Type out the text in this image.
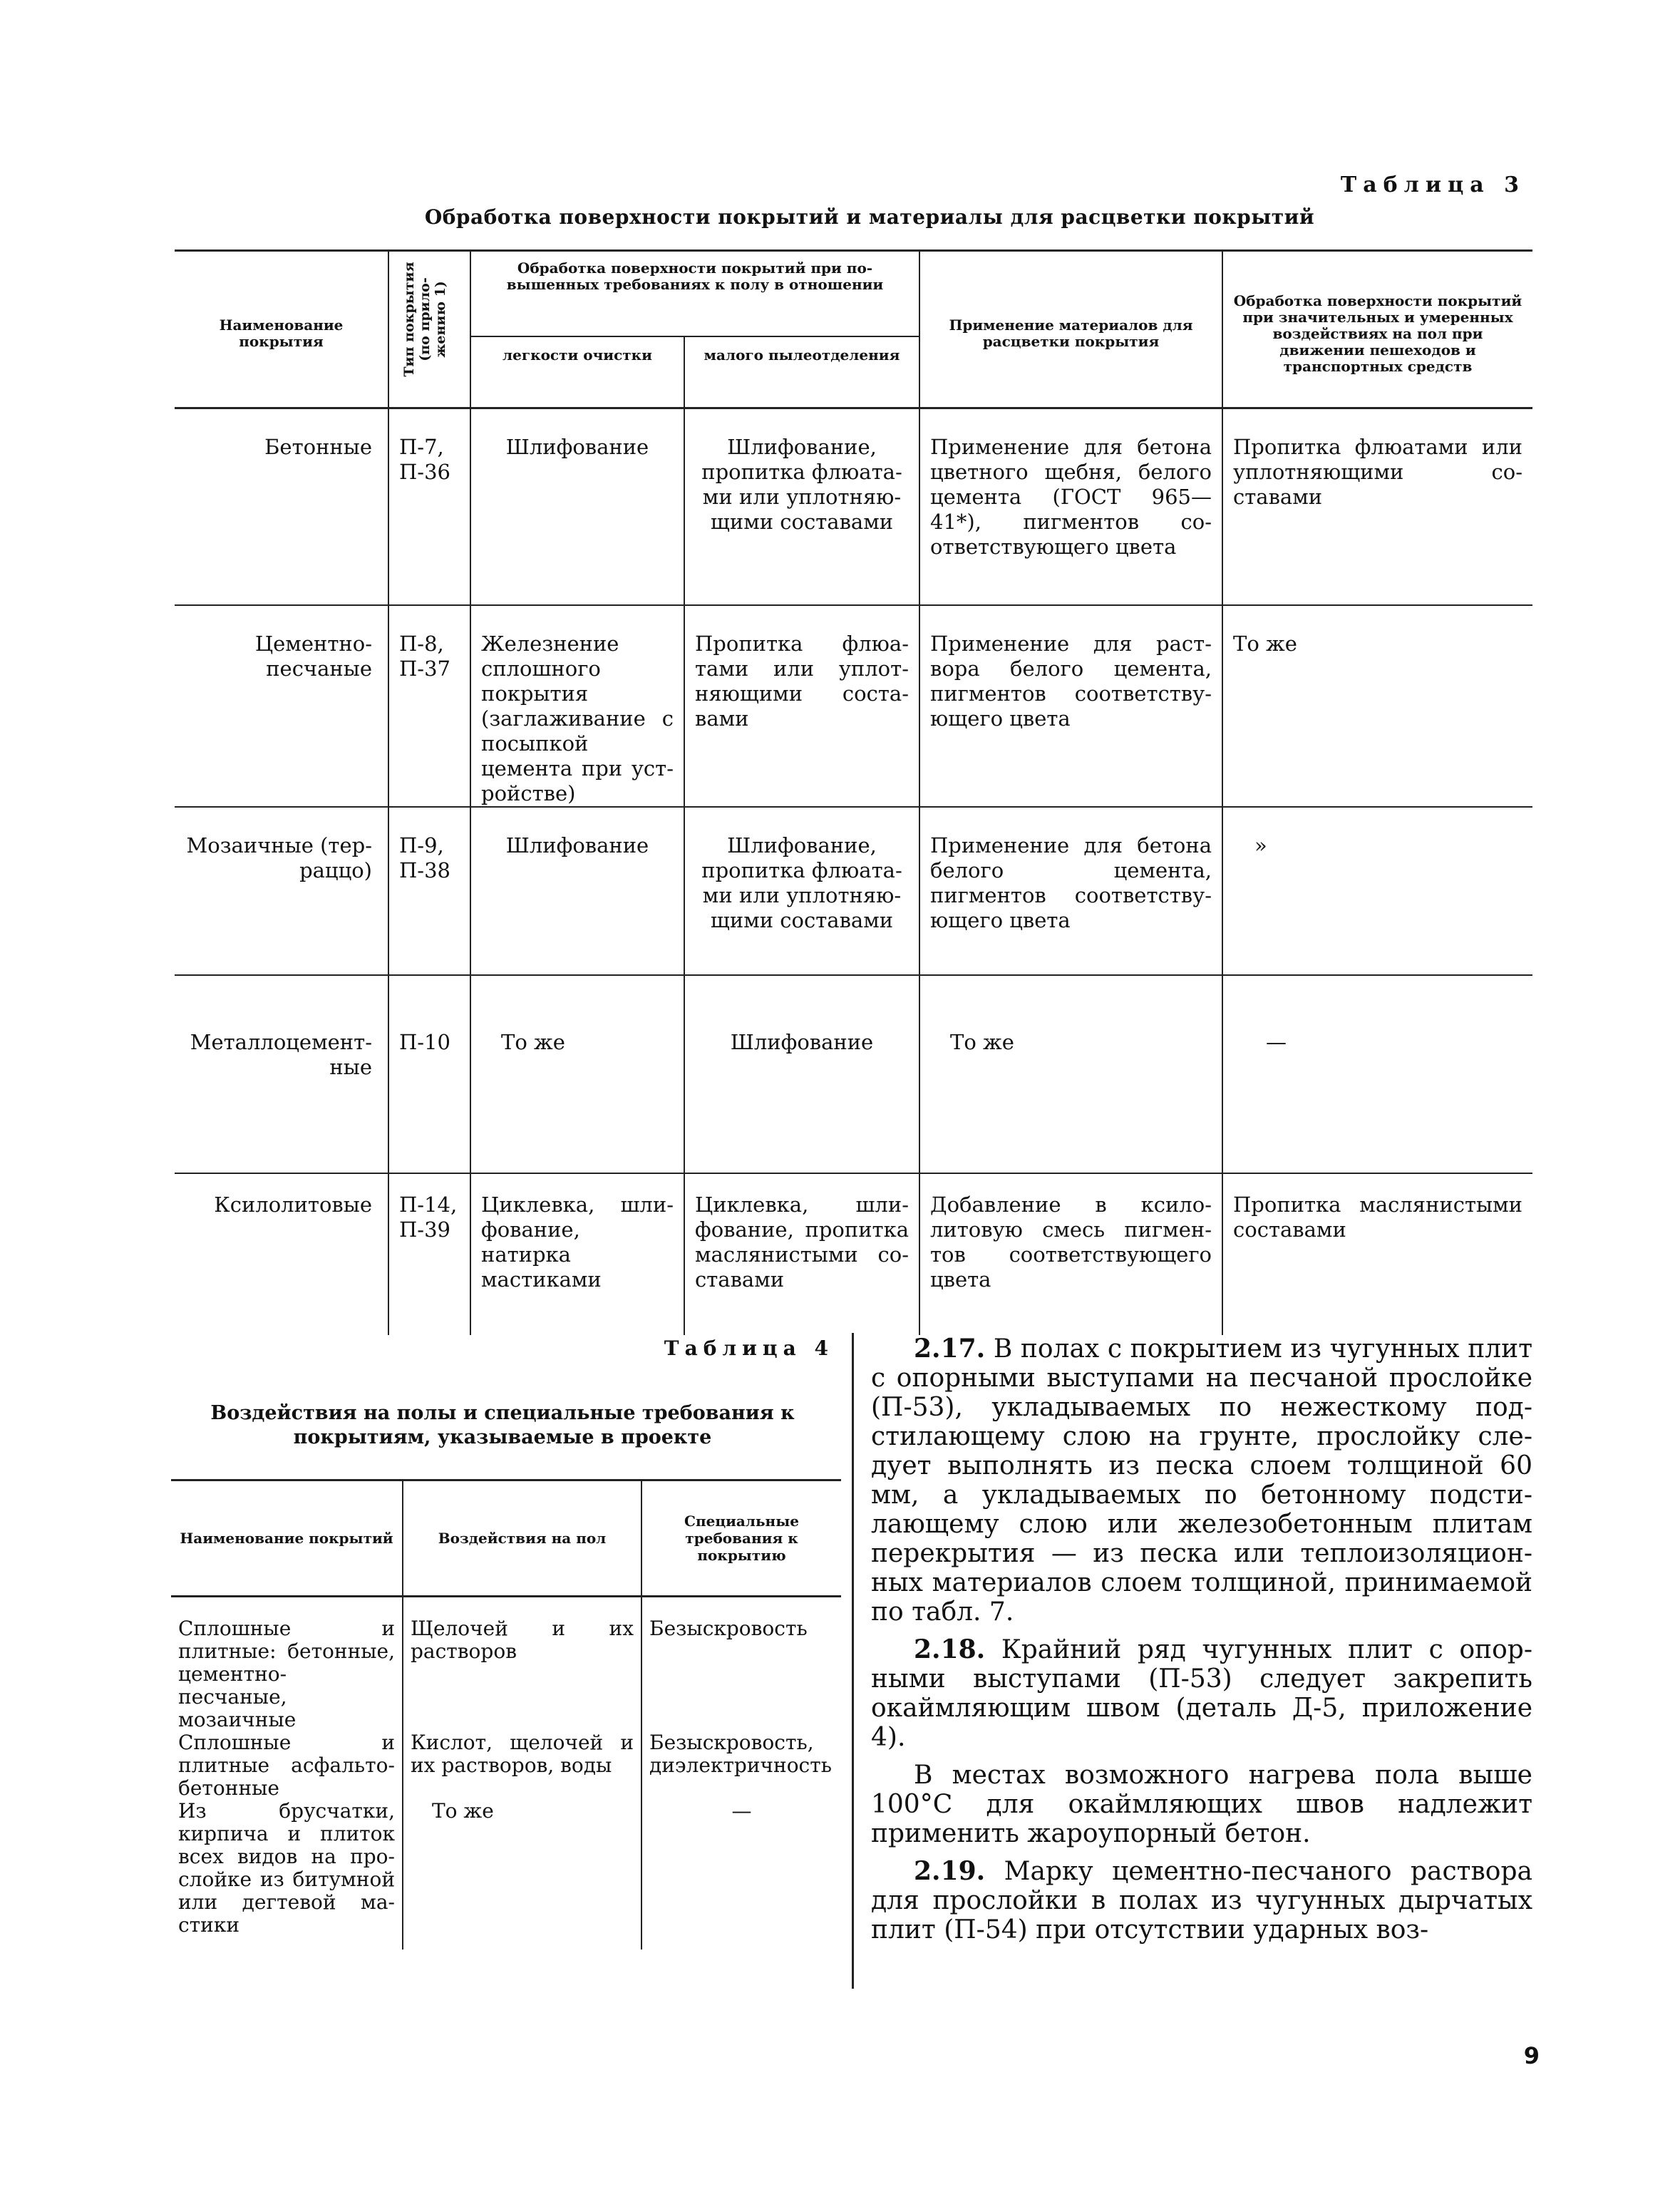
Таблица 3
Обработка поверхности покрытий и материалы для расцветки покрытий
Наименование покрытия	Тип покрытия (по приложению 1)	Обработка поверхности покрытий при повышенных требованиях к полу в отношении		Применение материалов для расцветки покрытия	Обработка поверхности покрытий при значительных и умеренных воздействиях на пол при движении пешеходов и транспортных средств
		легкости очистки	малого пылеотделения		
Бетонные	П-7, П-36	Шлифование	Шлифование, пропитка флюатами или уплотняющими составами	Применение для бетона цветного щебня, белого цемента (ГОСТ 965—41*), пигментов соответствующего цвета	Пропитка флюатами или уплотняющими составами
Цементно-песчаные	П-8, П-37	Железнение сплошного покрытия (заглаживание с посыпкой цемента при устройстве)	Пропитка флюатами или уплотняющими составами	Применение для раствора белого цемента, пигментов соответствующего цвета	То же
Мозаичные (терраццо)	П-9, П-38	Шлифование	Шлифование, пропитка флюатами или уплотняющими составами	Применение для бетона белого цемента, пигментов соответствующего цвета	»
Металлоцементные	П-10	То же	Шлифование	То же	—
Ксилолитовые	П-14, П-39	Циклевка, шлифование, натирка мастиками	Циклевка, шлифование, пропитка маслянистыми составами	Добавление в ксилолитовую смесь пигментов соответствующего цвета	Пропитка маслянистыми составами
Таблица 4
Воздействия на полы и специальные требования к покрытиям, указываемые в проекте
Наименование покрытий	Воздействия на пол	Специальные требования к покрытию
Сплошные и плитные: бетонные, цементно-песчаные, мозаичные	Щелочей и их растворов	Безыскровость
Сплошные и плитные асфальтобетонные	Кислот, щелочей и их растворов, воды	Безыскровость, диэлектричность
Из брусчатки, кирпича и плиток всех видов на прослойке из битумной или дегтевой мастики	То же	—

2.17. В полах с покрытием из чугунных плит с опорными выступами на песчаной прослойке (П-53), укладываемых по нежесткому подстилающему слою на грунте, прослойку следует выполнять из песка слоем толщиной 60 мм, а укладываемых по бетонному подстилающему слою или железобетонным плитам перекрытия — из песка или теплоизоляционных материалов слоем толщиной, принимаемой по табл. 7.

2.18. Крайний ряд чугунных плит с опорными выступами (П-53) следует закрепить окаймляющим швом (деталь Д-5, приложение 4).

В местах возможного нагрева пола выше 100°С для окаймляющих швов надлежит применить жароупорный бетон.

2.19. Марку цементно-песчаного раствора для прослойки в полах из чугунных дырчатых плит (П-54) при отсутствии ударных воз-

9
